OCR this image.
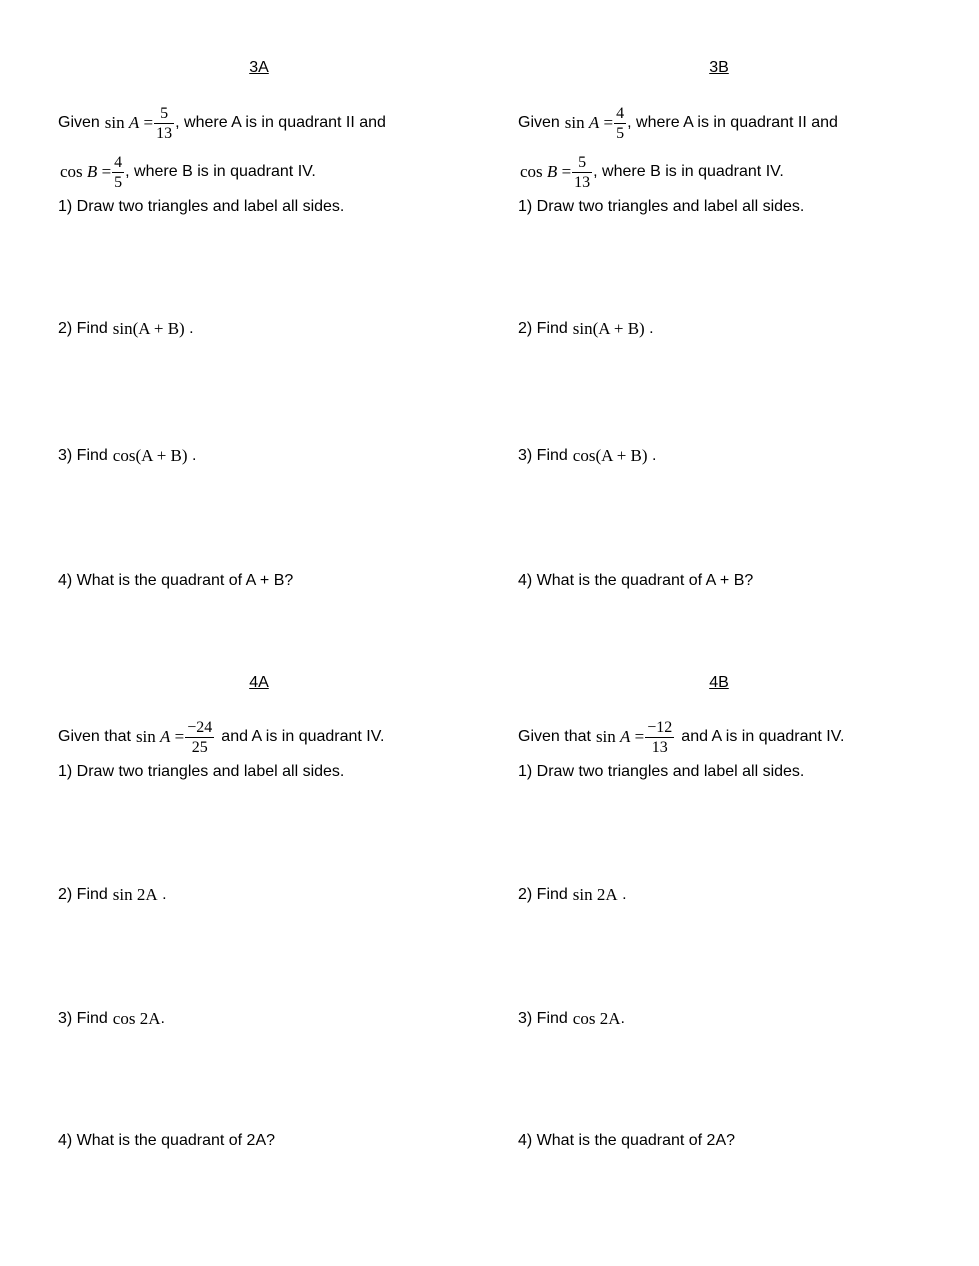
3A
Given $\sin A = \frac{5}{13}$ , where A is in quadrant II and
$\cos B = \frac{4}{5}$ , where B is in quadrant IV.
1) Draw two triangles and label all sides.
2) Find sin(A + B) .
3) Find cos(A + B) .
4) What is the quadrant of A + B?
3B
Given $\sin A = \frac{4}{5}$ , where A is in quadrant II and
$\cos B = \frac{5}{13}$ , where B is in quadrant IV.
1) Draw two triangles and label all sides.
2) Find sin(A + B) .
3) Find cos(A + B) .
4) What is the quadrant of A + B?
4A
Given that $\sin A = \frac{-24}{25}$ and A is in quadrant IV.
1) Draw two triangles and label all sides.
2) Find sin 2A .
3) Find cos 2A .
4) What is the quadrant of 2A?
4B
Given that $\sin A = \frac{-12}{13}$ and A is in quadrant IV.
1) Draw two triangles and label all sides.
2) Find sin 2A .
3) Find cos 2A .
4) What is the quadrant of 2A?
